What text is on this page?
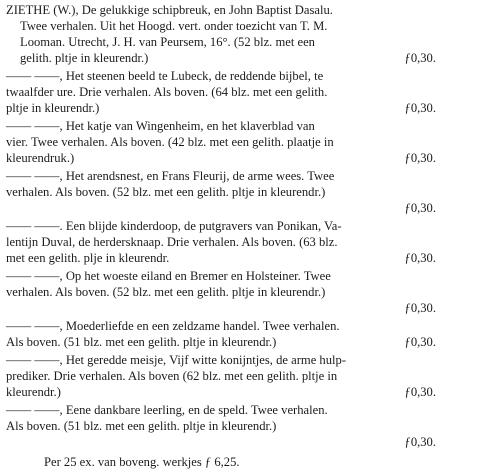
ZIETHE (W.), De gelukkige schipbreuk, en John Baptist Dasalu.
Twee verhalen. Uit het Hoogd. vert. onder toezicht van T. M.
Looman. Utrecht, J. H. van Peursem, 16°. (52 blz. met een
gelith. pltje in kleurendr.)	ƒ0,30.
—— ——, Het steenen beeld te Lubeck, de reddende bijbel, te
twaalfder ure. Drie verhalen. Als boven. (64 blz. met een gelith.
pltje in kleurendr.)	ƒ0,30.
—— ——, Het katje van Wingenheim, en het klaverblad van
vier. Twee verhalen. Als boven. (42 blz. met een gelith. plaatje in
kleurendruk.)	ƒ0,30.
—— ——, Het arendsnest, en Frans Fleurij, de arme wees. Twee
verhalen. Als boven. (52 blz. met een gelith. pltje in kleurendr.)
ƒ0,30.
—— ——. Een blijde kinderdoop, de putgravers van Ponikan, Va-
lentijn Duval, de herdersknaap. Drie verhalen. Als boven. (63 blz.
met een gelith. plje in kleurendr.	ƒ0,30.
—— ——, Op het woeste eiland en Bremer en Holsteiner. Twee
verhalen. Als boven. (52 blz. met een gelith. pltje in kleurendr.)
ƒ0,30.
—— ——, Moederliefde en een zeldzame handel. Twee verhalen.
Als boven. (51 blz. met een gelith. pltje in kleurendr.)	ƒ0,30.
—— ——, Het geredde meisje, Vijf witte konijntjes, de arme hulp-
prediker. Drie verhalen. Als boven (62 blz. met een gelith. pltje in
kleurendr.)	ƒ0,30.
—— ——, Eene dankbare leerling, en de speld. Twee verhalen.
Als boven. (51 blz. met een gelith. pltje in kleurendr.)
ƒ0,30.
Per 25 ex. van boveng. werkjes ƒ 6,25.
